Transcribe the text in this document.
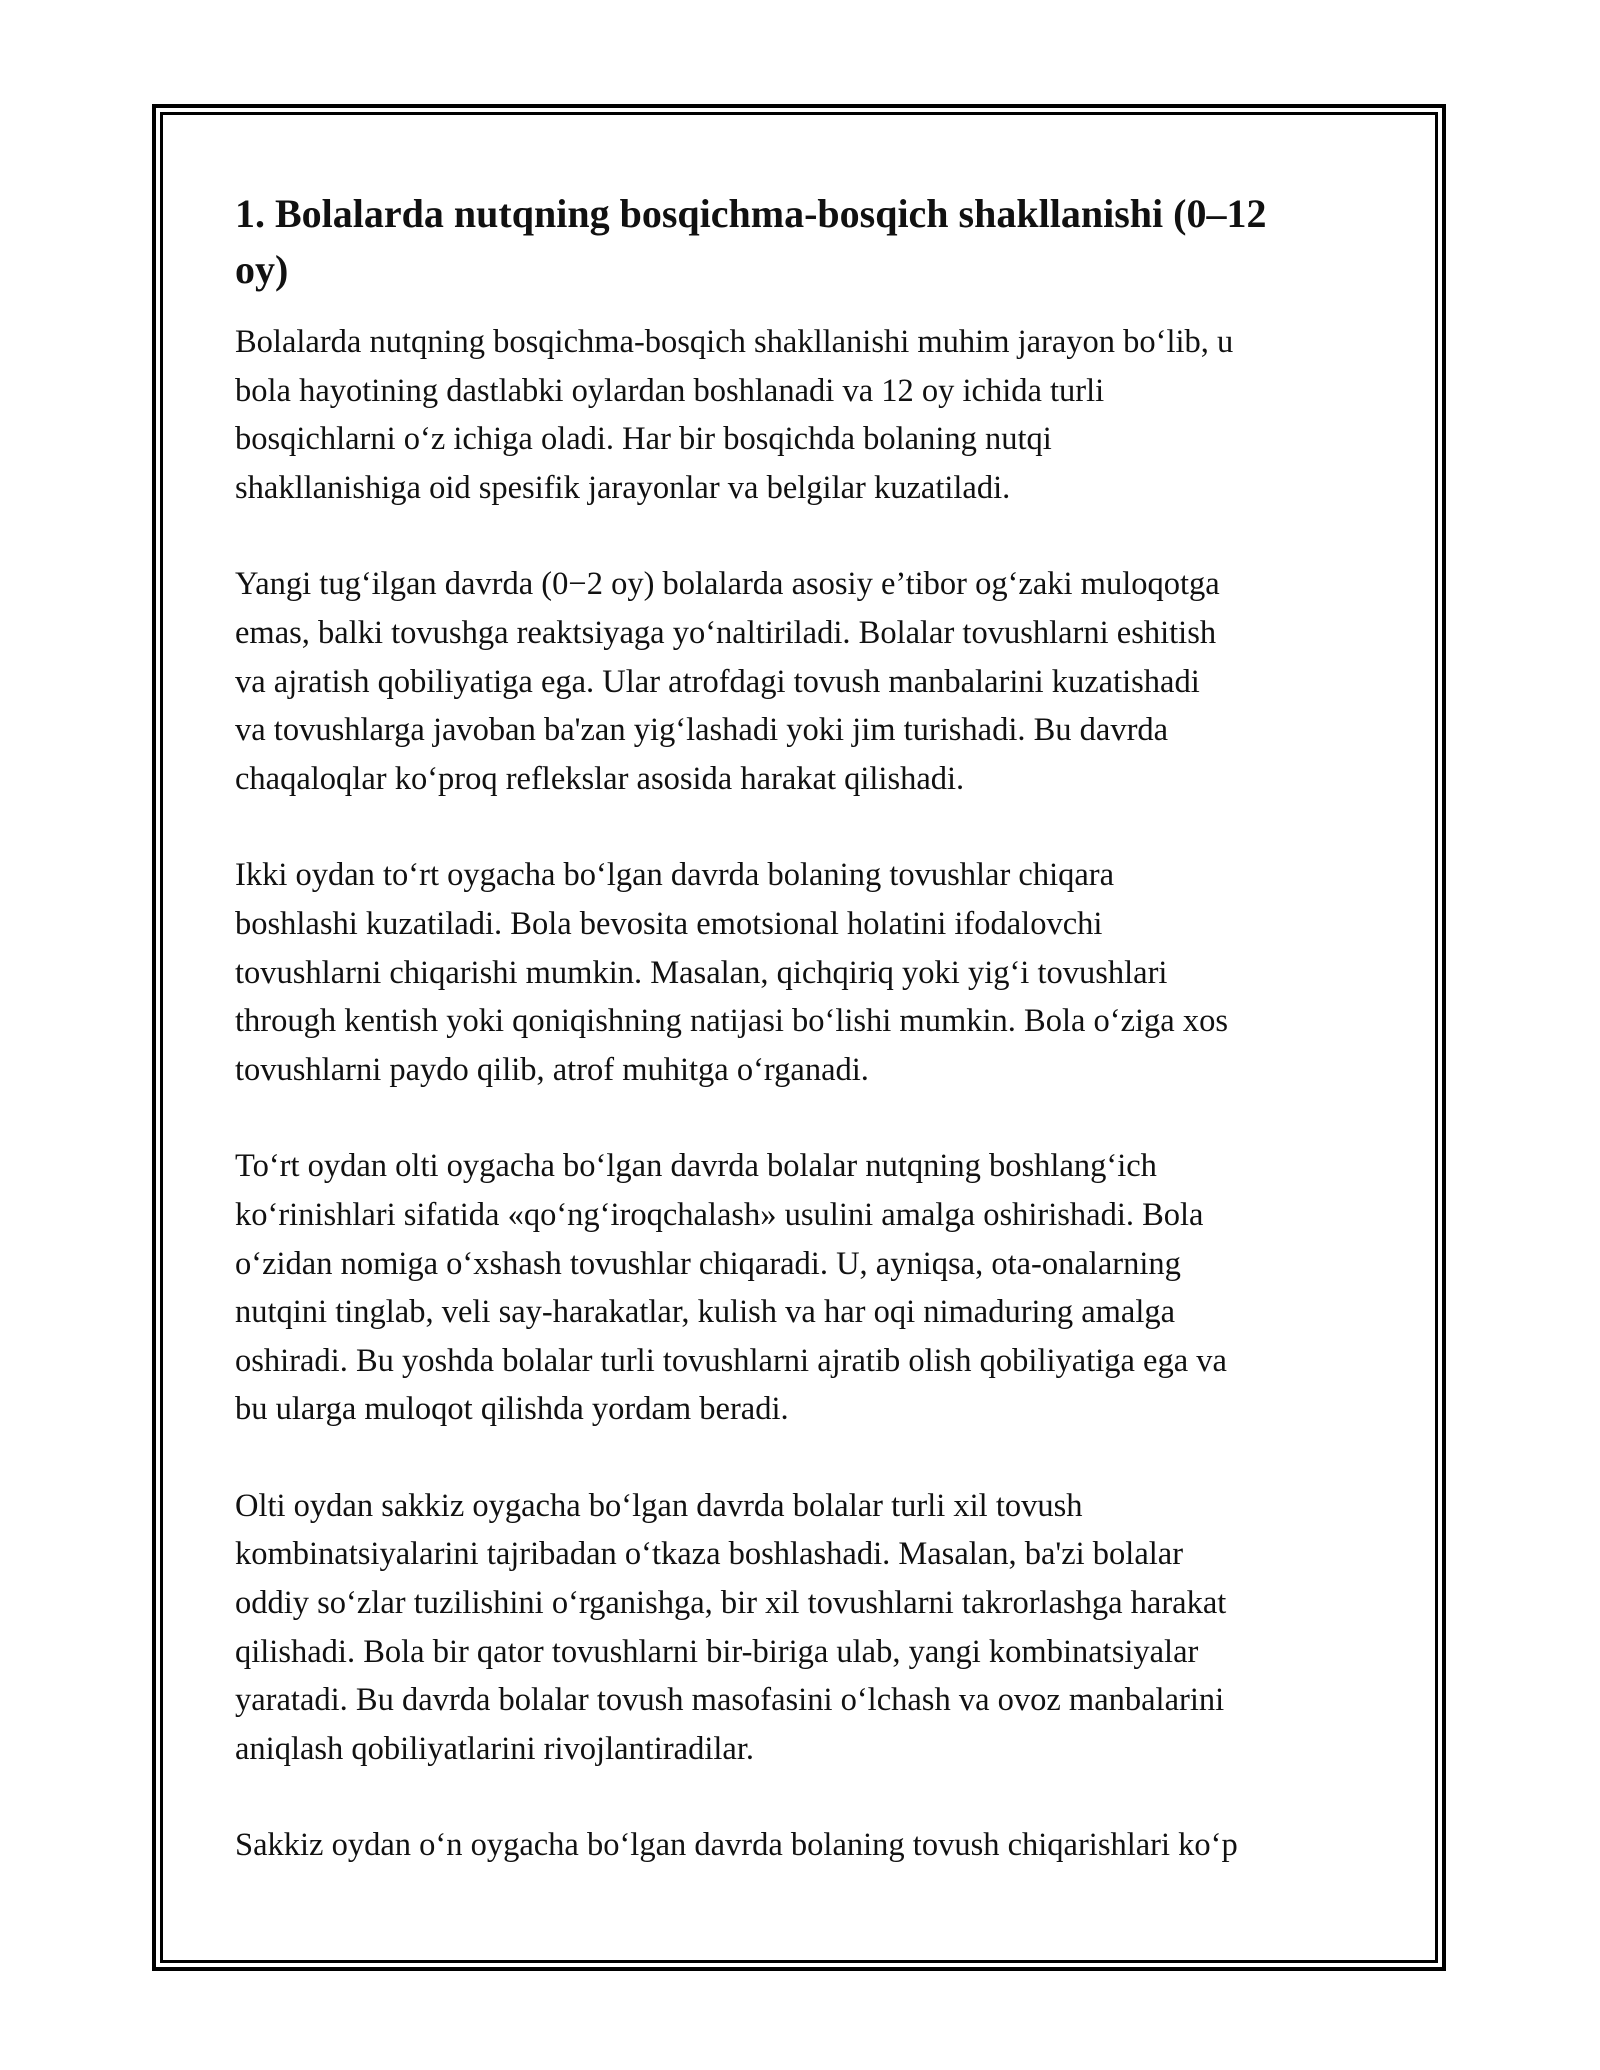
1. Bolalarda nutqning bosqichma-bosqich shakllanishi (0–12
oy)

Bolalarda nutqning bosqichma-bosqich shakllanishi muhim jarayon bo‘lib, u
bola hayotining dastlabki oylardan boshlanadi va 12 oy ichida turli
bosqichlarni o‘z ichiga oladi. Har bir bosqichda bolaning nutqi
shakllanishiga oid spesifik jarayonlar va belgilar kuzatiladi.

Yangi tug‘ilgan davrda (0−2 oy) bolalarda asosiy e’tibor og‘zaki muloqotga
emas, balki tovushga reaktsiyaga yo‘naltiriladi. Bolalar tovushlarni eshitish
va ajratish qobiliyatiga ega. Ular atrofdagi tovush manbalarini kuzatishadi
va tovushlarga javoban ba'zan yig‘lashadi yoki jim turishadi. Bu davrda
chaqaloqlar ko‘proq reflekslar asosida harakat qilishadi.

Ikki oydan to‘rt oygacha bo‘lgan davrda bolaning tovushlar chiqara
boshlashi kuzatiladi. Bola bevosita emotsional holatini ifodalovchi
tovushlarni chiqarishi mumkin. Masalan, qichqiriq yoki yig‘i tovushlari
through kentish yoki qoniqishning natijasi bo‘lishi mumkin. Bola o‘ziga xos
tovushlarni paydo qilib, atrof muhitga o‘rganadi.

To‘rt oydan olti oygacha bo‘lgan davrda bolalar nutqning boshlang‘ich
ko‘rinishlari sifatida «qo‘ng‘iroqchalash» usulini amalga oshirishadi. Bola
o‘zidan nomiga o‘xshash tovushlar chiqaradi. U, ayniqsa, ota-onalarning
nutqini tinglab, veli say-harakatlar, kulish va har oqi nimaduring amalga
oshiradi. Bu yoshda bolalar turli tovushlarni ajratib olish qobiliyatiga ega va
bu ularga muloqot qilishda yordam beradi.

Olti oydan sakkiz oygacha bo‘lgan davrda bolalar turli xil tovush
kombinatsiyalarini tajribadan o‘tkaza boshlashadi. Masalan, ba'zi bolalar
oddiy so‘zlar tuzilishini o‘rganishga, bir xil tovushlarni takrorlashga harakat
qilishadi. Bola bir qator tovushlarni bir-biriga ulab, yangi kombinatsiyalar
yaratadi. Bu davrda bolalar tovush masofasini o‘lchash va ovoz manbalarini
aniqlash qobiliyatlarini rivojlantiradilar.

Sakkiz oydan o‘n oygacha bo‘lgan davrda bolaning tovush chiqarishlari ko‘p
